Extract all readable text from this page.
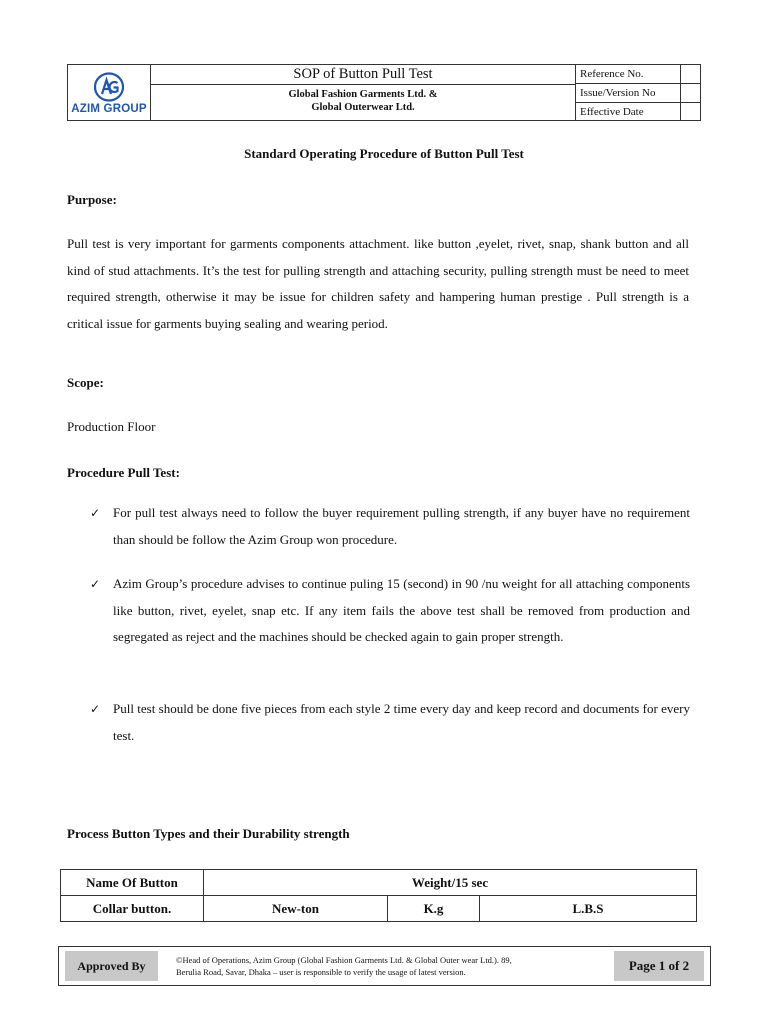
AZIM GROUP
SOP of Button Pull Test
Global Fashion Garments Ltd. &
Global Outerwear Ltd.
Reference No.
Issue/Version No
Effective Date
Standard Operating Procedure of Button Pull Test
Purpose:
Pull test is very important for garments components attachment. like button ,eyelet, rivet, snap, shank button and all kind of stud attachments. It’s the test for pulling strength and attaching security, pulling strength must be need to meet required strength, otherwise it may be issue for children safety and hampering human prestige . Pull strength is a critical issue for garments buying sealing and wearing period.
Scope:
Production Floor
Procedure Pull Test:
✓ For pull test always need to follow the buyer requirement pulling strength, if any buyer have no requirement than should be follow the Azim Group won procedure.
✓ Azim Group’s procedure advises to continue puling 15 (second) in 90 /nu weight for all attaching components like button, rivet, eyelet, snap etc. If any item fails the above test shall be removed from production and segregated as reject and the machines should be checked again to gain proper strength.
✓ Pull test should be done five pieces from each style 2 time every day and keep record and documents for every test.
Process Button Types and their Durability strength
Name Of Button	Weight/15 sec		
Collar button.	New-ton	K.g	L.B.S
Approved By	©Head of Operations, Azim Group (Global Fashion Garments Ltd. & Global Outer wear Ltd.). 89,
Berulia Road, Savar, Dhaka – user is responsible to verify the usage of latest version.	Page 1 of 2
